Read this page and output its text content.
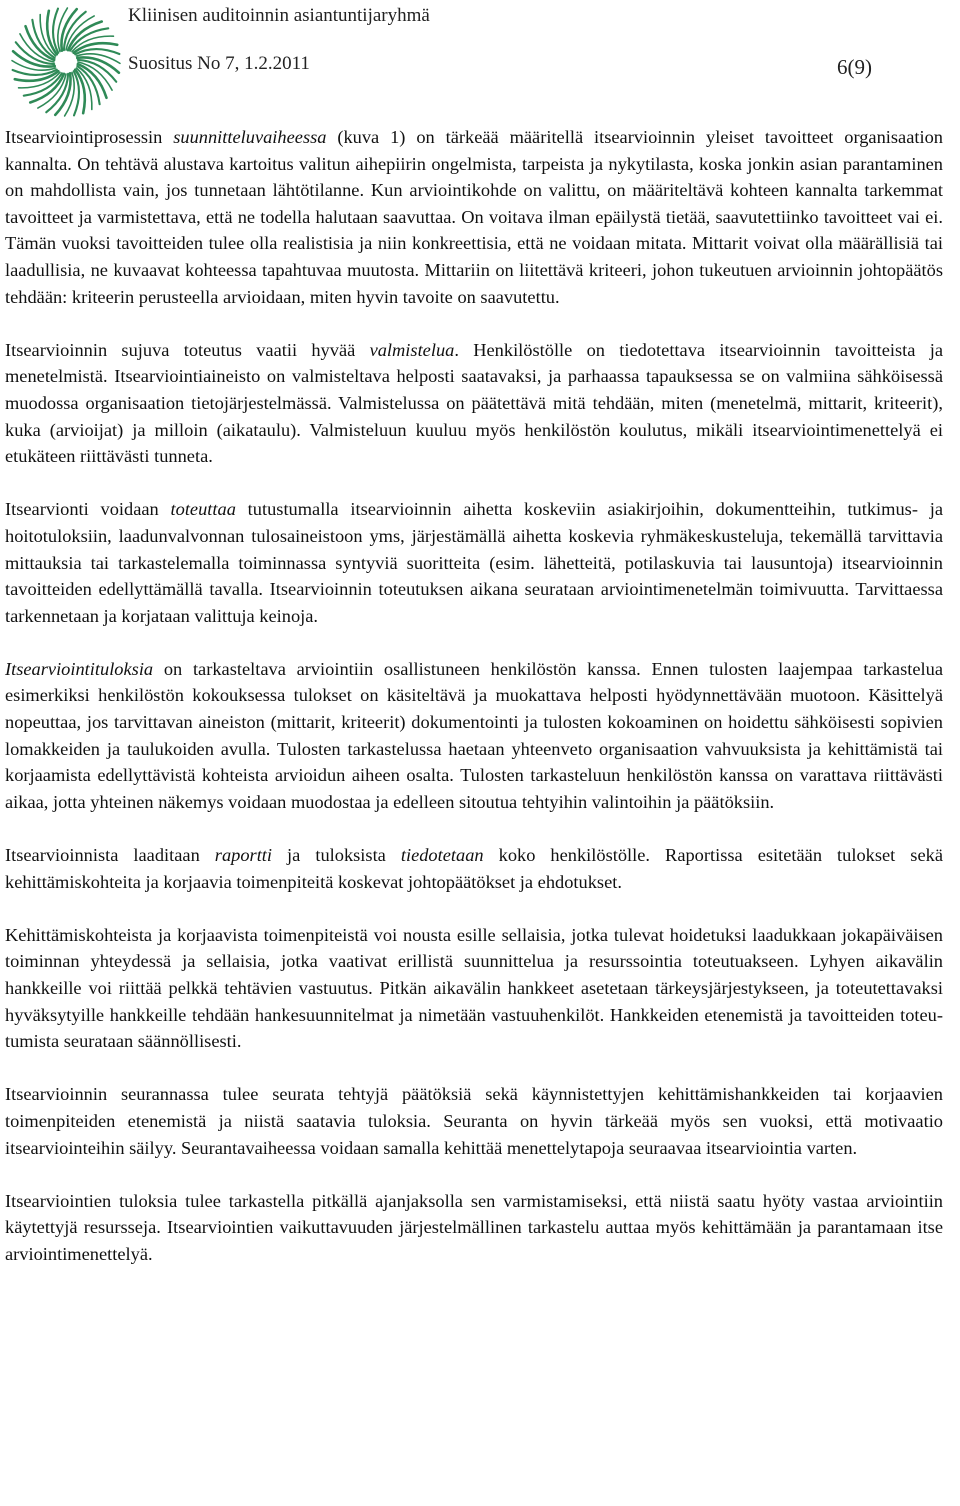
Kliinisen auditoinnin asiantuntijaryhmä
Suositus No 7, 1.2.2011	6(9)

Itsearviointiprosessin suunnitteluvaiheessa (kuva 1) on tärkeää määritellä itsearvioinnin yleiset tavoitteet organisaation kannalta. On tehtävä alustava kartoitus valitun aihepiirin ongelmista, tarpeista ja nykytilasta, koska jonkin asian parantaminen on mahdollista vain, jos tunnetaan lähtötilanne. Kun arviointikohde on valittu, on määriteltävä kohteen kannalta tarkemmat tavoitteet ja varmistettava, että ne todella halutaan saavuttaa. On voitava ilman epäilystä tietää, saavutettiinko tavoitteet vai ei. Tämän vuoksi tavoitteiden tulee olla realistisia ja niin konkreettisia, että ne voidaan mitata. Mittarit voivat olla määrällisiä tai laadullisia, ne kuvaavat kohteessa tapahtuvaa muutosta. Mittariin on liitettävä kriteeri, johon tukeutuen arvioinnin johtopäätös tehdään: kriteerin perusteella arvioidaan, miten hyvin tavoite on saavutettu.

Itsearvioinnin sujuva toteutus vaatii hyvää valmistelua. Henkilöstölle on tiedotettava itsearvioinnin tavoitteista ja menetelmistä. Itsearviointiaineisto on valmisteltava helposti saatavaksi, ja parhaassa tapauksessa se on valmiina sähköisessä muodossa organisaation tietojärjestelmässä. Valmistelussa on päätettävä mitä tehdään, miten (menetelmä, mittarit, kriteerit), kuka (arvioijat) ja milloin (aikataulu). Valmisteluun kuuluu myös henkilöstön koulutus, mikäli itsearviointimenettelyä ei etukäteen riittävästi tunneta.

Itsearvionti voidaan toteuttaa tutustumalla itsearvioinnin aihetta koskeviin asiakirjoihin, dokumentteihin, tutkimus- ja hoitotuloksiin, laadunvalvonnan tulosaineistoon yms, järjestämällä aihetta koskevia ryhmäkeskusteluja, tekemällä tarvittavia mittauksia tai tarkastelemalla toiminnassa syntyviä suoritteita (esim. lähetteitä, potilaskuvia tai lausuntoja) itsearvioinnin tavoitteiden edellyttämällä tavalla. Itsearvioinnin toteutuksen aikana seurataan arviointimenetelmän toimivuutta. Tarvittaessa tarkennetaan ja korjataan valittuja keinoja.

Itsearviointituloksia on tarkasteltava arviointiin osallistuneen henkilöstön kanssa. Ennen tulosten laajempaa tarkastelua esimerkiksi henkilöstön kokouksessa tulokset on käsiteltävä ja muokattava helposti hyödynnettävään muotoon. Käsittelyä nopeuttaa, jos tarvittavan aineiston (mittarit, kriteerit) dokumentointi ja tulosten kokoaminen on hoidettu sähköisesti sopivien lomakkeiden ja taulukoiden avulla. Tulosten tarkastelussa haetaan yhteenveto organisaation vahvuuksista ja kehittämistä tai korjaamista edellyttävistä kohteista arvioidun aiheen osalta. Tulosten tarkasteluun henkilöstön kanssa on varattava riittävästi aikaa, jotta yhteinen näkemys voidaan muodostaa ja edelleen sitoutua tehtyihin valintoihin ja päätöksiin.

Itsearvioinnista laaditaan raportti ja tuloksista tiedotetaan koko henkilöstölle. Raportissa esitetään tulokset sekä kehittämiskohteita ja korjaavia toimenpiteitä koskevat johtopäätökset ja ehdotukset.

Kehittämiskohteista ja korjaavista toimenpiteistä voi nousta esille sellaisia, jotka tulevat hoidetuksi laadukkaan jokapäiväisen toiminnan yhteydessä ja sellaisia, jotka vaativat erillistä suunnittelua ja resurssointia toteutuakseen. Lyhyen aikavälin hankkeille voi riittää pelkkä tehtävien vastuutus. Pitkän aikavälin hankkeet asetetaan tärkeysjärjestykseen, ja toteutettavaksi hyväksytyille hankkeille tehdään hankesuunnitelmat ja nimetään vastuuhenkilöt. Hankkeiden etenemistä ja tavoitteiden toteutumista seurataan säännöllisesti.

Itsearvioinnin seurannassa tulee seurata tehtyjä päätöksiä sekä käynnistettyjen kehittämishankkeiden tai korjaavien toimenpiteiden etenemistä ja niistä saatavia tuloksia. Seuranta on hyvin tärkeää myös sen vuoksi, että motivaatio itsearviointeihin säilyy. Seurantavaiheessa voidaan samalla kehittää menettelytapoja seuraavaa itsearviointia varten.

Itsearviointien tuloksia tulee tarkastella pitkällä ajanjaksolla sen varmistamiseksi, että niistä saatu hyöty vastaa arviointiin käytettyjä resursseja. Itsearviointien vaikuttavuuden järjestelmällinen tarkastelu auttaa myös kehittämään ja parantamaan itse arviointimenettelyä.
